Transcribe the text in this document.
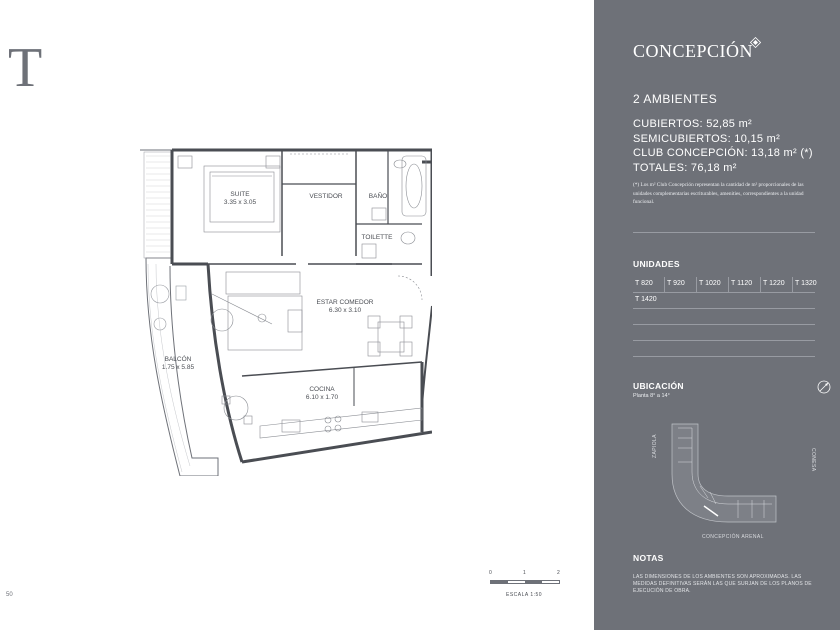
T
SUITE
3.35 x 3.05
VESTIDOR	BAÑO
TOILETTE
ESTAR COMEDOR
6.30 x 3.10
BALCÓN
1.75 x 5.85
COCINA
6.10 x 1.70
0	1	2
ESCALA 1:50
50
CONCEPCIÓN
2 AMBIENTES
CUBIERTOS: 52,85 m²
SEMICUBIERTOS: 10,15 m²
CLUB CONCEPCIÓN: 13,18 m² (*)
TOTALES: 76,18 m²
(*) Los m² Club Concepción representan la cantidad de m² proporcionales de las unidades complementarias escriturables, amenities, correspondientes a la unidad funcional.
UNIDADES
T 820	T 920	T 1020	T 1120	T 1220	T 1320
T 1420
UBICACIÓN
Planta 8° a 14°
ZAPIOLA
CONESA
CONCEPCIÓN ARENAL
NOTAS
LAS DIMENSIONES DE LOS AMBIENTES SON APROXIMADAS. LAS MEDIDAS DEFINITIVAS SERÁN LAS QUE SURJAN DE LOS PLANOS DE EJECUCIÓN DE OBRA.
